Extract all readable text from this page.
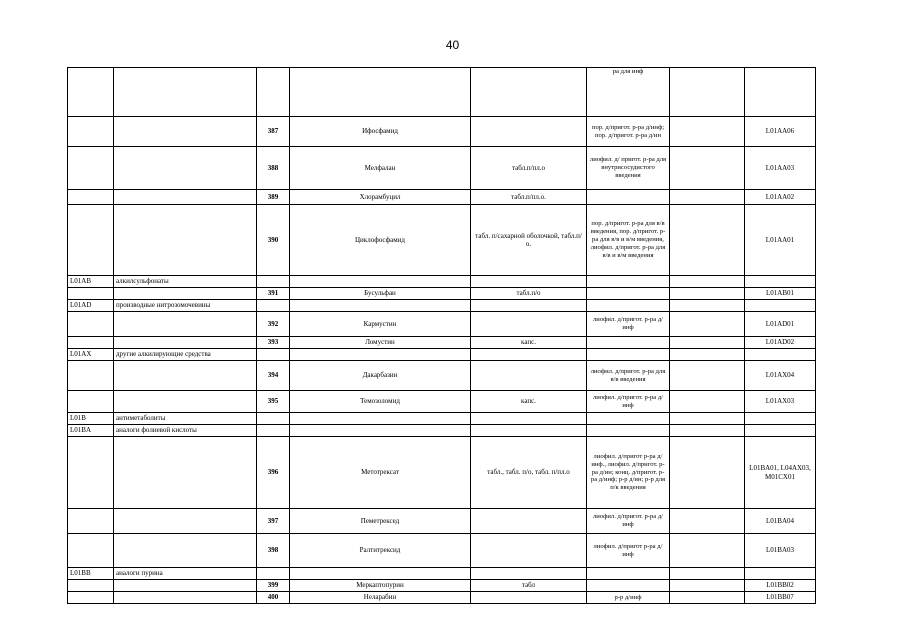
40
					ра для инф		
		387	Ифосфамид		пор. д/пригот. р-ра д/инф; пор. д/пригот. р-ра д/ин		L01AA06
		388	Мелфалан	табл.п/пл.о	лиофил. д/ пригот. р-ра для внутрисосудистого введения		L01AA03
		389	Хлорамбуцил	табл.п/пл.о.			L01AA02
		390	Циклофосфамид	табл. п/сахарной оболочкой, табл.п/о.	пор. д/пригот. р-ра для в/в введения, пор. д/пригот. р-ра для в/в и в/м введения, лиофил. д/пригот. р-ра для в/в и в/м введения		L01AA01
L01AB	алкилсульфонаты						
		391	Бусульфан	табл.п/о			L01AB01
L01AD	производные нитрозомочевины						
		392	Кармустин		лиофил. д/пригот. р-ра д/инф		L01AD01
		393	Ломустин	капс.			L01AD02
L01AX	другие алкилирующие средства						
		394	Дакарбазин		лиофил. д/пригот. р-ра для в/в введения		L01AX04
		395	Темозоломид	капс.	лиофил. д/пригот. р-ра д/инф		L01AX03
L01B	антиметаболиты						
L01BA	аналоги фолиевой кислоты						
		396	Метотрексат	табл., табл. п/о, табл. п/пл.о	лиофил. д/пригот р-ра д/инф., лиофил. д/пригот. р-ра д/ин; конц. д/пригот. р-ра д/инф; р-р д/ин; р-р для п/к введения		L01BA01, L04AX03, M01CX01
		397	Пеметрексед		лиофил. д/пригот. р-ра д/инф		L01BA04
		398	Ралтитрексид		лиофил. д/пригот р-ра д/инф		L01BA03
L01BB	аналоги пурина						
		399	Меркаптопурин	табл			L01BB02
		400	Неларабин		р-р д/инф		L01BB07
